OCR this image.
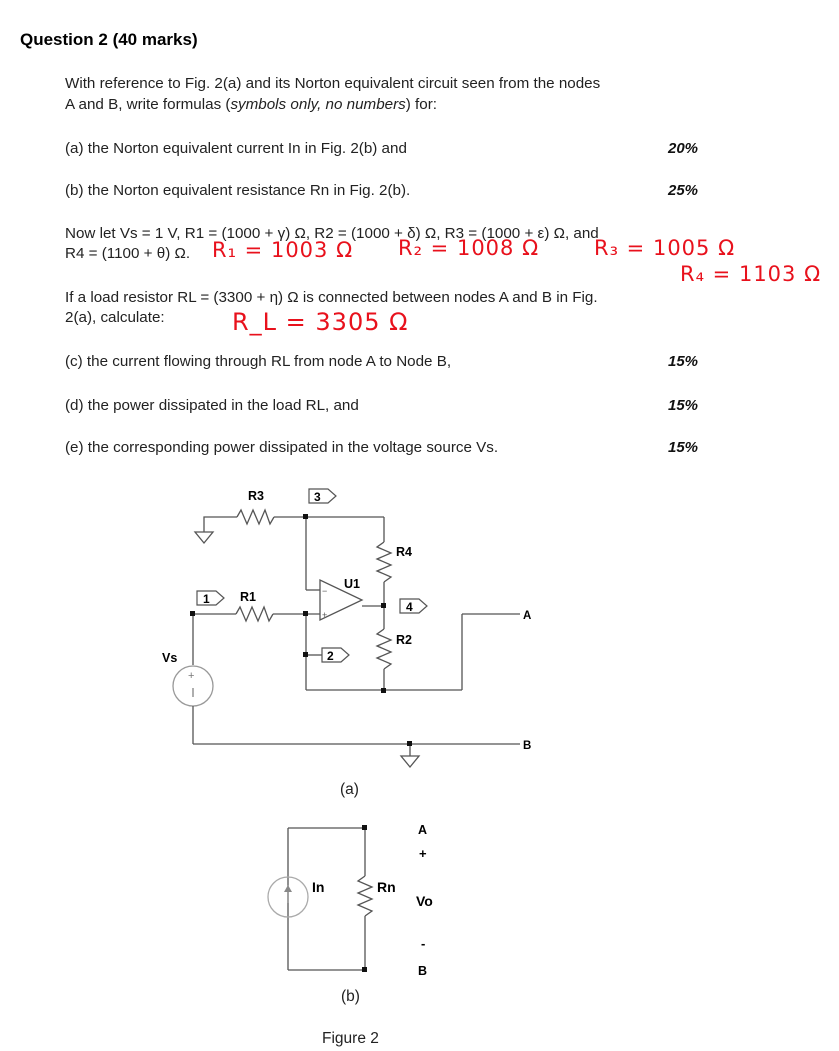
Question 2 (40 marks)
With reference to Fig. 2(a) and its Norton equivalent circuit seen from the nodes
A and B, write formulas (symbols only, no numbers) for:
(a) the Norton equivalent current In in Fig. 2(b) and	20%
(b) the Norton equivalent resistance Rn in Fig. 2(b).	25%
Now let Vs = 1 V, R1 = (1000 + γ) Ω, R2 = (1000 + δ) Ω, R3 = (1000 + ε) Ω, and
R4 = (1100 + θ) Ω. R₁ = 1003 Ω R₂ = 1008 Ω	R₃ = 1005 Ω
R₄ = 1103 Ω
If a load resistor RL = (3300 + η) Ω is connected between nodes A and B in Fig.
2(a), calculate:	R_L = 3305 Ω
(c) the current flowing through RL from node A to Node B,	15%
(d) the power dissipated in the load RL, and	15%
(e) the corresponding power dissipated in the voltage source Vs.	15%
3
1
4
2
−
+
+
R3
R1
R4
R2
U1
Vs
A
B
In	Rn
A
+
Vo
-
B
(a)
(b)
Figure 2
